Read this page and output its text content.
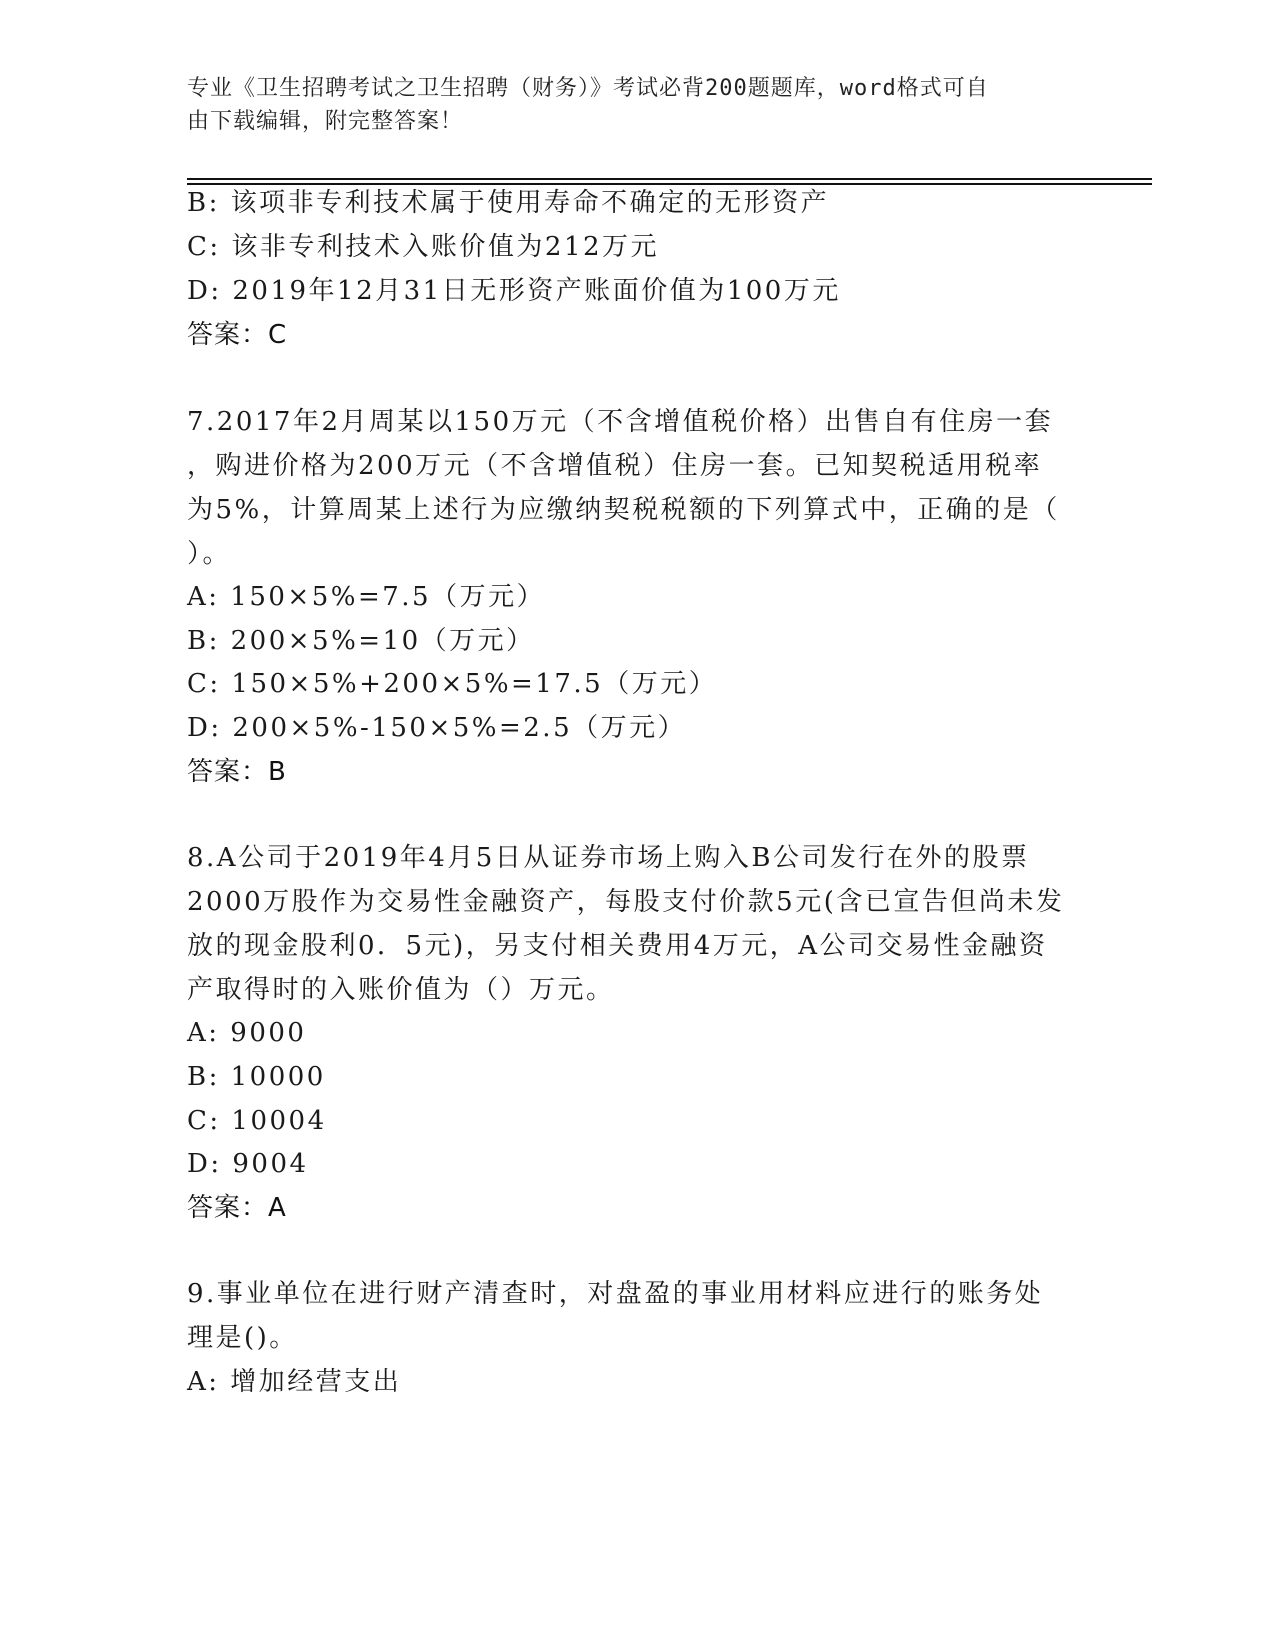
专业《卫生招聘考试之卫生招聘（财务）》考试必背200题题库，word格式可自
由下载编辑，附完整答案！
B: 该项非专利技术属于使用寿命不确定的无形资产
C: 该非专利技术入账价值为212万元
D: 2019年12月31日无形资产账面价值为100万元
答案：C
7.2017年2月周某以150万元（不含增值税价格）出售自有住房一套
，购进价格为200万元（不含增值税）住房一套。已知契税适用税率
为5%，计算周某上述行为应缴纳契税税额的下列算式中，正确的是（
）。
A: 150×5%=7.5（万元）
B: 200×5%=10（万元）
C: 150×5%+200×5%=17.5（万元）
D: 200×5%-150×5%=2.5（万元）
答案：B
8.A公司于2019年4月5日从证券市场上购入B公司发行在外的股票
2000万股作为交易性金融资产，每股支付价款5元(含已宣告但尚未发
放的现金股利0．5元)，另支付相关费用4万元，A公司交易性金融资
产取得时的入账价值为（）万元。
A: 9000
B: 10000
C: 10004
D: 9004
答案：A
9.事业单位在进行财产清查时，对盘盈的事业用材料应进行的账务处
理是()。
A: 增加经营支出
